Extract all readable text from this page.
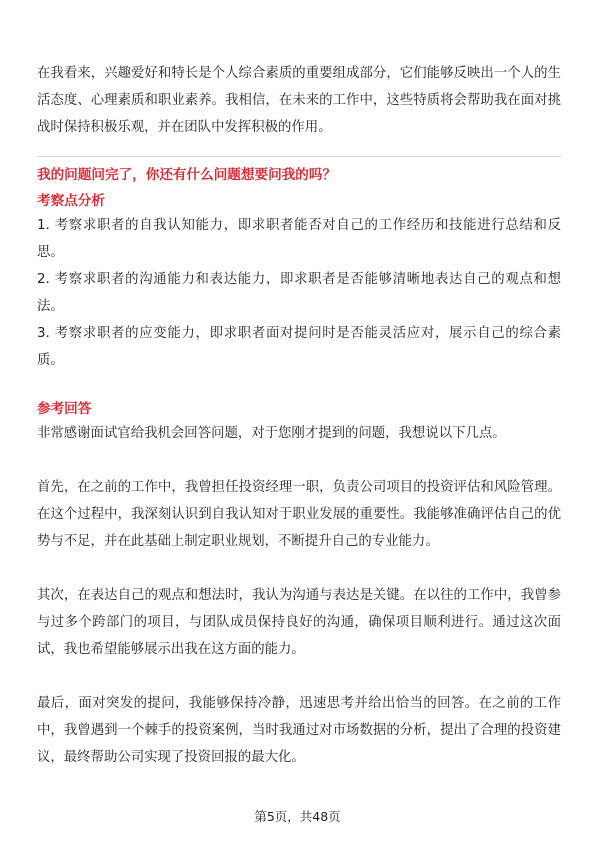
在我看来，兴趣爱好和特长是个人综合素质的重要组成部分，它们能够反映出一个人的生活态度、心理素质和职业素养。我相信，在未来的工作中，这些特质将会帮助我在面对挑战时保持积极乐观，并在团队中发挥积极的作用。

我的问题问完了，你还有什么问题想要问我的吗？

考察点分析

1. 考察求职者的自我认知能力，即求职者能否对自己的工作经历和技能进行总结和反思。

2. 考察求职者的沟通能力和表达能力，即求职者是否能够清晰地表达自己的观点和想法。

3. 考察求职者的应变能力，即求职者面对提问时是否能灵活应对，展示自己的综合素质。

参考回答

非常感谢面试官给我机会回答问题，对于您刚才提到的问题，我想说以下几点。

首先，在之前的工作中，我曾担任投资经理一职，负责公司项目的投资评估和风险管理。在这个过程中，我深刻认识到自我认知对于职业发展的重要性。我能够准确评估自己的优势与不足，并在此基础上制定职业规划，不断提升自己的专业能力。

其次，在表达自己的观点和想法时，我认为沟通与表达是关键。在以往的工作中，我曾参与过多个跨部门的项目，与团队成员保持良好的沟通，确保项目顺利进行。通过这次面试，我也希望能够展示出我在这方面的能力。

最后，面对突发的提问，我能够保持冷静，迅速思考并给出恰当的回答。在之前的工作中，我曾遇到一个棘手的投资案例，当时我通过对市场数据的分析，提出了合理的投资建议，最终帮助公司实现了投资回报的最大化。

第5页，共48页
